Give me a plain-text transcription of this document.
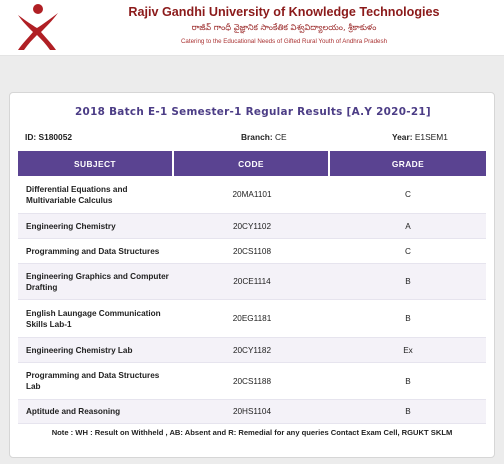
Rajiv Gandhi University of Knowledge Technologies
రాజీవ్ గాంధీ వైజ్ఞానిక సాంకేతిక విశ్వవిద్యాలయం, శ్రీకాకుళం
Catering to the Educational Needs of Gifted Rural Youth of Andhra Pradesh
2018 Batch E-1 Semester-1 Regular Results [A.Y 2020-21]
ID: S180052	Branch: CE	Year: E1SEM1
SUBJECT	CODE	GRADE
Differential Equations and Multivariable Calculus
20MA1101	C
Engineering Chemistry	20CY1102	A
Programming and Data Structures	20CS1108	C
Engineering Graphics and Computer Drafting
20CE1114	B
English Laungage Communication Skills Lab-1
20EG1181	B
Engineering Chemistry Lab	20CY1182	Ex
Programming and Data Structures Lab
20CS1188	B
Aptitude and Reasoning	20HS1104	B
Note : WH : Result on Withheld , AB: Absent and R: Remedial for any queries Contact Exam Cell, RGUKT SKLM
